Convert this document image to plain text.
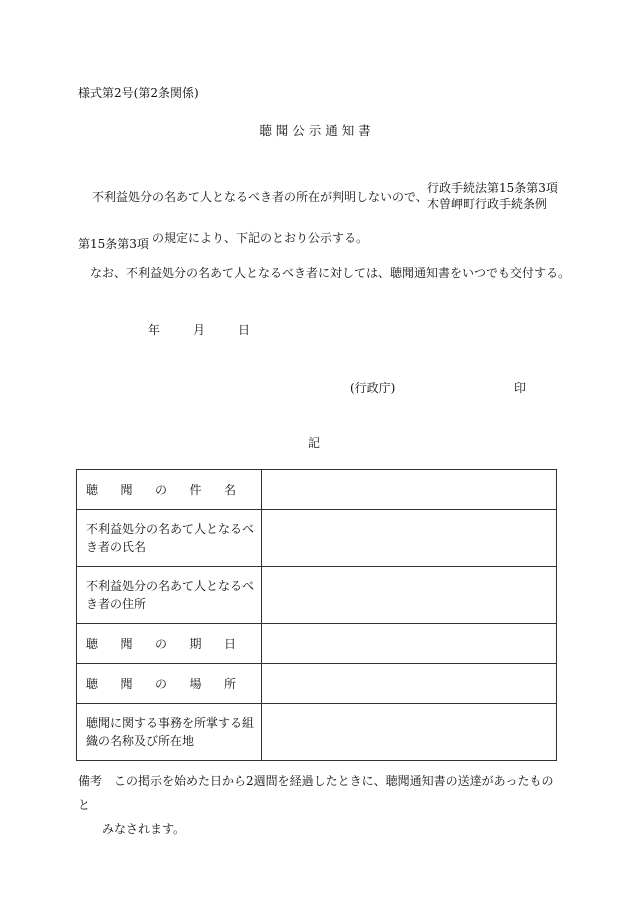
様式第2号(第2条関係)
聴 聞 公 示 通 知 書
不利益処分の名あて人となるべき者の所在が判明しないので、
行政手続法第15条第3項
木曽岬町行政手続条例
第15条第3項 の規定により、下記のとおり公示する。
なお、不利益処分の名あて人となるべき者に対しては、聴聞通知書をいつでも交付する。
年	月	日
(行政庁)	印
記
聴 聞 の 件 名	

不利益処分の名あて人となるべき者の氏名	
不利益処分の名あて人となるべき者の住所	

聴 聞 の 期 日	

聴 聞 の 場 所	

聴聞に関する事務を所掌する組織の名称及び所在地	
備考　この掲示を始めた日から2週間を経過したときに、聴聞通知書の送達があったものと
みなされます。
